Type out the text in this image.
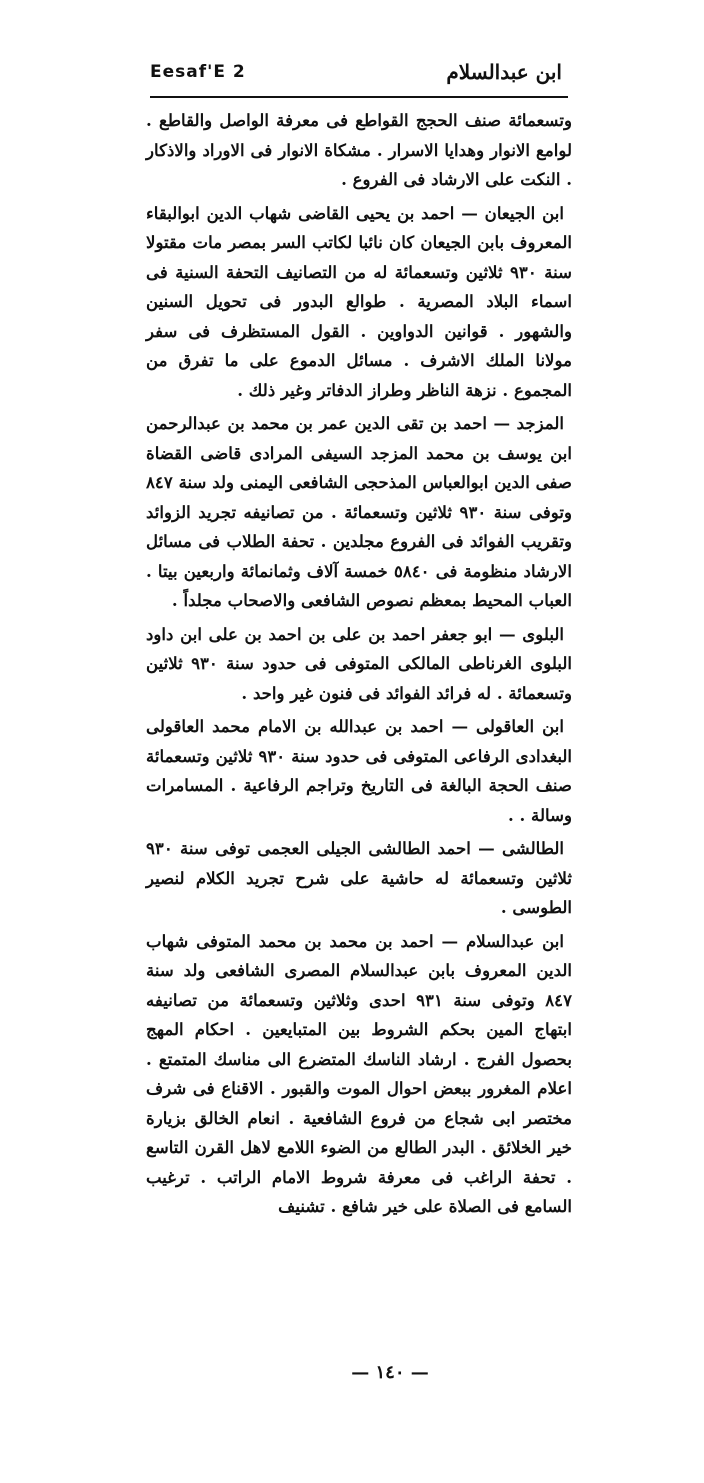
Eesaf'E 2	ابن عبدالسلام

وتسعمائة صنف الحجج القواطع فى معرفة الواصل والقاطع . لوامع الانوار وهدايا الاسرار . مشكاة الانوار فى الاوراد والاذكار . النكت على الارشاد فى الفروع .

ابن الجيعان — احمد بن يحيى القاضى شهاب الدين ابوالبقاء المعروف بابن الجيعان كان نائبا لكاتب السر بمصر مات مقتولا سنة ٩٣٠ ثلاثين وتسعمائة له من التصانيف التحفة السنية فى اسماء البلاد المصرية . طوالع البدور فى تحويل السنين والشهور . قوانين الدواوين . القول المستظرف فى سفر مولانا الملك الاشرف . مسائل الدموع على ما تفرق من المجموع . نزهة الناظر وطراز الدفاتر وغير ذلك .

المزجد — احمد بن تقى الدين عمر بن محمد بن عبدالرحمن ابن يوسف بن محمد المزجد السيفى المرادى قاضى القضاة صفى الدين ابوالعباس المذحجى الشافعى اليمنى ولد سنة ٨٤٧ وتوفى سنة ٩٣٠ ثلاثين وتسعمائة . من تصانيفه تجريد الزوائد وتقريب الفوائد فى الفروع مجلدين . تحفة الطلاب فى مسائل الارشاد منظومة فى ٥٨٤٠ خمسة آلاف وثمانمائة واربعين بيتا . العباب المحيط بمعظم نصوص الشافعى والاصحاب مجلداً .

البلوى — ابو جعفر احمد بن على بن احمد بن على ابن داود البلوى الغرناطى المالكى المتوفى فى حدود سنة ٩٣٠ ثلاثين وتسعمائة . له فرائد الفوائد فى فنون غير واحد .

ابن العاقولى — احمد بن عبدالله بن الامام محمد العاقولى البغدادى الرفاعى المتوفى فى حدود سنة ٩٣٠ ثلاثين وتسعمائة صنف الحجة البالغة فى التاريخ وتراجم الرفاعية . المسامرات وسالة . .

الطالشى — احمد الطالشى الجيلى العجمى توفى سنة ٩٣٠ ثلاثين وتسعمائة له حاشية على شرح تجريد الكلام لنصير الطوسى .

ابن عبدالسلام — احمد بن محمد بن محمد المتوفى شهاب الدين المعروف بابن عبدالسلام المصرى الشافعى ولد سنة ٨٤٧ وتوفى سنة ٩٣١ احدى وثلاثين وتسعمائة من تصانيفه ابتهاج المين بحكم الشروط بين المتبايعين . احكام المهج بحصول الفرج . ارشاد الناسك المتضرع الى مناسك المتمتع . اعلام المغرور ببعض احوال الموت والقبور . الاقناع فى شرف مختصر ابى شجاع من فروع الشافعية . انعام الخالق بزيارة خير الخلائق . البدر الطالع من الضوء اللامع لاهل القرن التاسع . تحفة الراغب فى معرفة شروط الامام الراتب . ترغيب السامع فى الصلاة على خير شافع . تشنيف

— ١٤٠ —
